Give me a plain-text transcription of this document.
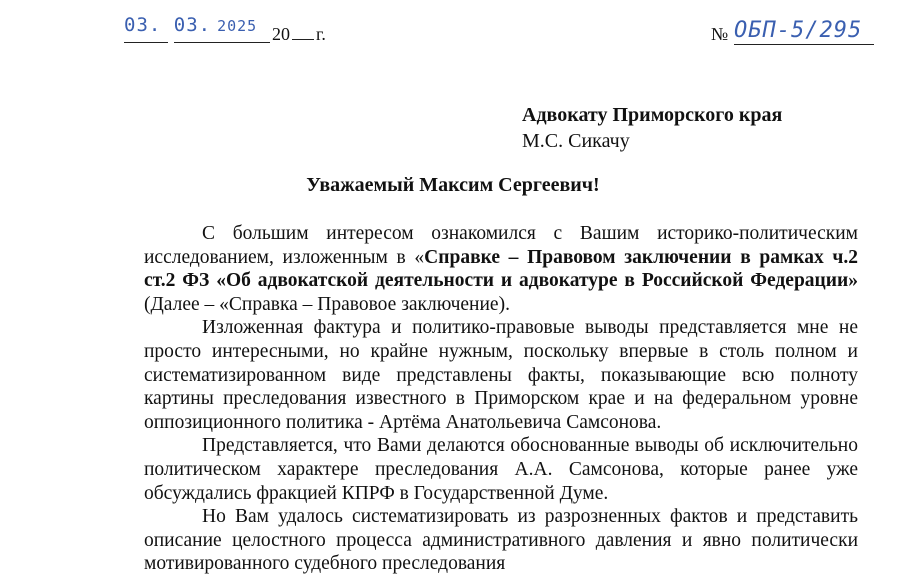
03. 03. 2025 20 г.	№ ОБП-5/295
Адвокату Приморского края
М.С. Сикачу
Уважаемый Максим Сергеевич!

С большим интересом ознакомился с Вашим историко-политическим исследованием, изложенным в «Справке – Правовом заключении в рамках ч.2 ст.2 ФЗ «Об адвокатской деятельности и адвокатуре в Российской Федерации» (Далее – «Справка – Правовое заключение).

Изложенная фактура и политико-правовые выводы представляется мне не просто интересными, но крайне нужным, поскольку впервые в столь полном и систематизированном виде представлены факты, показывающие всю полноту картины преследования известного в Приморском крае и на федеральном уровне оппозиционного политика - Артёма Анатольевича Самсонова.

Представляется, что Вами делаются обоснованные выводы об исключительно политическом характере преследования А.А. Самсонова, которые ранее уже обсуждались фракцией КПРФ в Государственной Думе.

Но Вам удалось систематизировать из разрозненных фактов и представить описание целостного процесса административного давления и явно политически мотивированного судебного преследования
